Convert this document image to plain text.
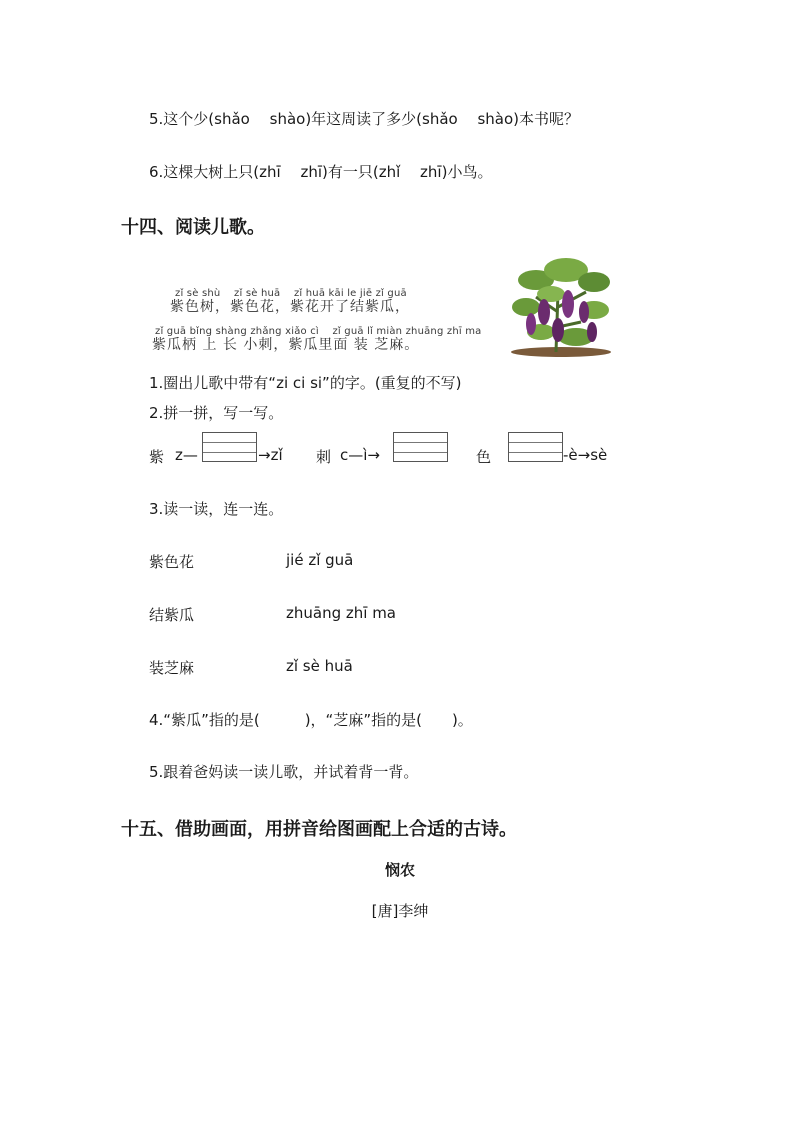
5.这个少(shǎo　 shào)年这周读了多少(shǎo　 shào)本书呢？
6.这棵大树上只(zhī　 zhī)有一只(zhǐ　 zhī)小鸟。
十四、阅读儿歌。
zǐ sè shù　 zǐ sè huā　 zǐ huā kāi le jiē zǐ guā
紫色树，紫色花，紫花开了结紫瓜，
zǐ guā bǐng shàng zhǎng xiǎo cì　 zǐ guā lǐ miàn zhuāng zhī ma
紫瓜柄 上 长 小刺，紫瓜里面 装 芝麻。
1.圈出儿歌中带有“zi ci si”的字。(重复的不写)
2.拼一拼，写一写。
紫 z—	→zǐ 刺 c—ì→	色	-è→sè
3.读一读，连一连。
紫色花	jié zǐ guā
结紫瓜	zhuāng zhī ma
装芝麻	zǐ sè huā
4.“紫瓜”指的是(　　　)，“芝麻”指的是(　　)。
5.跟着爸妈读一读儿歌，并试着背一背。
十五、借助画面，用拼音给图画配上合适的古诗。
悯农
[唐]李绅
